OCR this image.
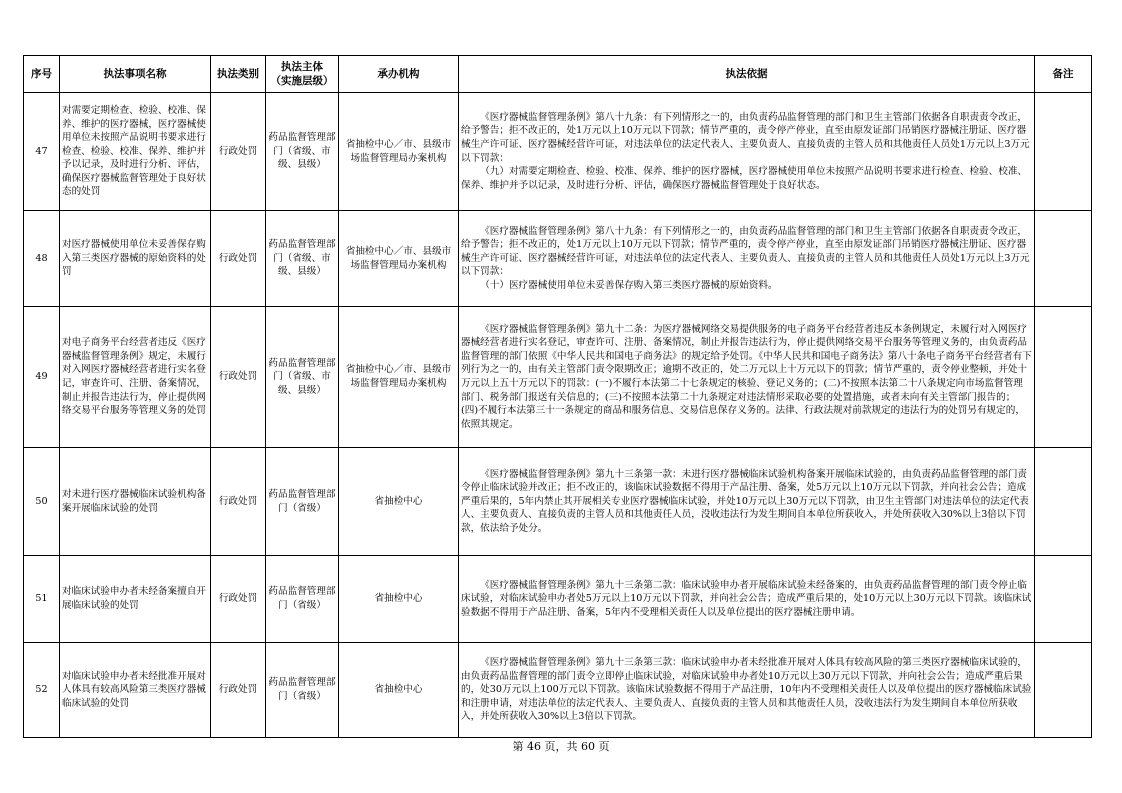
序号	执法事项名称	执法类别	执法主体
（实施层级）	承办机构	执法依据	备注
47	对需要定期检查、检验、校准、保养、维护的医疗器械，医疗器械使用单位未按照产品说明书要求进行检查、检验、校准、保养、维护并予以记录，及时进行分析、评估，确保医疗器械监督管理处于良好状态的处罚	行政处罚	药品监督管理部门（省级、市级、县级）	省抽检中心／市、县级市场监督管理局办案机构	《医疗器械监督管理条例》第八十九条：有下列情形之一的，由负责药品监督管理的部门和卫生主管部门依据各自职责责令改正，给予警告；拒不改正的，处1万元以上10万元以下罚款；情节严重的，责令停产停业，直至由原发证部门吊销医疗器械注册证、医疗器械生产许可证、医疗器械经营许可证，对违法单位的法定代表人、主要负责人、直接负责的主管人员和其他责任人员处1万元以上3万元以下罚款：

（九）对需要定期检查、检验、校准、保养、维护的医疗器械，医疗器械使用单位未按照产品说明书要求进行检查、检验、校准、保养、维护并予以记录，及时进行分析、评估，确保医疗器械监督管理处于良好状态。	

48	对医疗器械使用单位未妥善保存购入第三类医疗器械的原始资料的处罚	行政处罚	药品监督管理部门（省级、市级、县级）	省抽检中心／市、县级市场监督管理局办案机构	《医疗器械监督管理条例》第八十九条：有下列情形之一的，由负责药品监督管理的部门和卫生主管部门依据各自职责责令改正，给予警告；拒不改正的，处1万元以上10万元以下罚款；情节严重的，责令停产停业，直至由原发证部门吊销医疗器械注册证、医疗器械生产许可证、医疗器械经营许可证，对违法单位的法定代表人、主要负责人、直接负责的主管人员和其他责任人员处1万元以上3万元以下罚款：

（十）医疗器械使用单位未妥善保存购入第三类医疗器械的原始资料。	

49	对电子商务平台经营者违反《医疗器械监督管理条例》规定，未履行对入网医疗器械经营者进行实名登记，审查许可、注册、备案情况，制止并报告违法行为，停止提供网络交易平台服务等管理义务的处罚	行政处罚	药品监督管理部门（省级、市级、县级）	省抽检中心／市、县级市场监督管理局办案机构	《医疗器械监督管理条例》第九十二条：为医疗器械网络交易提供服务的电子商务平台经营者违反本条例规定，未履行对入网医疗器械经营者进行实名登记，审查许可、注册、备案情况，制止并报告违法行为，停止提供网络交易平台服务等管理义务的，由负责药品监督管理的部门依照《中华人民共和国电子商务法》的规定给予处罚。《中华人民共和国电子商务法》第八十条电子商务平台经营者有下列行为之一的，由有关主管部门责令限期改正；逾期不改正的，处二万元以上十万元以下的罚款；情节严重的，责令停业整顿，并处十万元以上五十万元以下的罚款：(一)不履行本法第二十七条规定的核验、登记义务的；(二)不按照本法第二十八条规定向市场监督管理部门、税务部门报送有关信息的；(三)不按照本法第二十九条规定对违法情形采取必要的处置措施，或者未向有关主管部门报告的；(四)不履行本法第三十一条规定的商品和服务信息、交易信息保存义务的。法律、行政法规对前款规定的违法行为的处罚另有规定的，依照其规定。	

50	对未进行医疗器械临床试验机构备案开展临床试验的处罚	行政处罚	药品监督管理部门（省级）	省抽检中心	《医疗器械监督管理条例》第九十三条第一款：未进行医疗器械临床试验机构备案开展临床试验的，由负责药品监督管理的部门责令停止临床试验并改正；拒不改正的，该临床试验数据不得用于产品注册、备案，处5万元以上10万元以下罚款，并向社会公告；造成严重后果的，5年内禁止其开展相关专业医疗器械临床试验，并处10万元以上30万元以下罚款，由卫生主管部门对违法单位的法定代表人、主要负责人、直接负责的主管人员和其他责任人员，没收违法行为发生期间自本单位所获收入，并处所获收入30%以上3倍以下罚款，依法给予处分。	

51	对临床试验申办者未经备案擅自开展临床试验的处罚	行政处罚	药品监督管理部门（省级）	省抽检中心	《医疗器械监督管理条例》第九十三条第二款：临床试验申办者开展临床试验未经备案的，由负责药品监督管理的部门责令停止临床试验，对临床试验申办者处5万元以上10万元以下罚款，并向社会公告；造成严重后果的，处10万元以上30万元以下罚款。该临床试验数据不得用于产品注册、备案，5年内不受理相关责任人以及单位提出的医疗器械注册申请。	

52	对临床试验申办者未经批准开展对人体具有较高风险第三类医疗器械临床试验的处罚	行政处罚	药品监督管理部门（省级）	省抽检中心	《医疗器械监督管理条例》第九十三条第三款：临床试验申办者未经批准开展对人体具有较高风险的第三类医疗器械临床试验的，由负责药品监督管理的部门责令立即停止临床试验，对临床试验申办者处10万元以上30万元以下罚款，并向社会公告；造成严重后果的，处30万元以上100万元以下罚款。该临床试验数据不得用于产品注册，10年内不受理相关责任人以及单位提出的医疗器械临床试验和注册申请，对违法单位的法定代表人、主要负责人、直接负责的主管人员和其他责任人员，没收违法行为发生期间自本单位所获收入，并处所获收入30%以上3倍以下罚款。	

第 46 页，共 60 页
